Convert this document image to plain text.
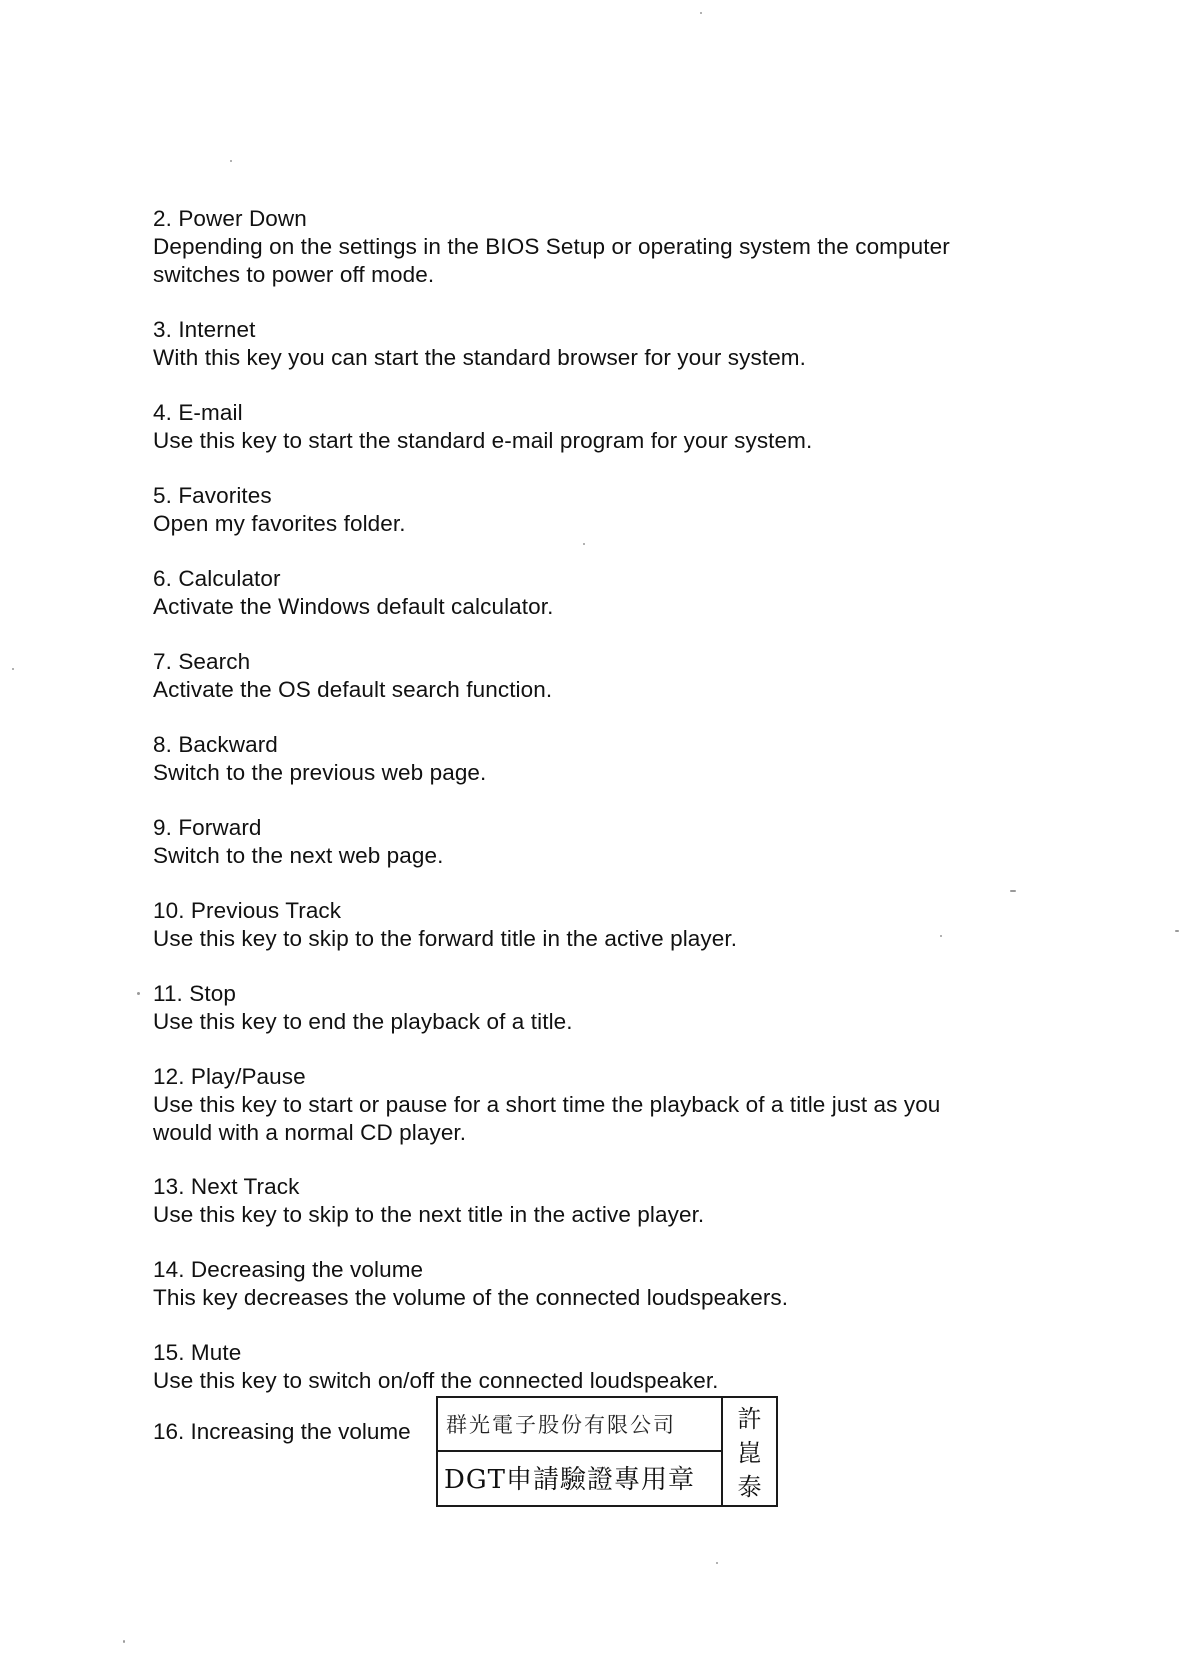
2. Power Down
Depending on the settings in the BIOS Setup or operating system the computer
switches to power off mode.
3. Internet
With this key you can start the standard browser for your system.
4. E-mail
Use this key to start the standard e-mail program for your system.
5. Favorites
Open my favorites folder.
6. Calculator
Activate the Windows default calculator.
7. Search
Activate the OS default search function.
8. Backward
Switch to the previous web page.
9. Forward
Switch to the next web page.
10. Previous Track
Use this key to skip to the forward title in the active player.
11. Stop
Use this key to end the playback of a title.
12. Play/Pause
Use this key to start or pause for a short time the playback of a title just as you
would with a normal CD player.
13. Next Track
Use this key to skip to the next title in the active player.
14. Decreasing the volume
This key decreases the volume of the connected loudspeakers.
15. Mute
Use this key to switch on/off the connected loudspeaker.
16. Increasing the volume	群光電子股份有限公司
DGT申請驗證專用章
許
崑
泰
